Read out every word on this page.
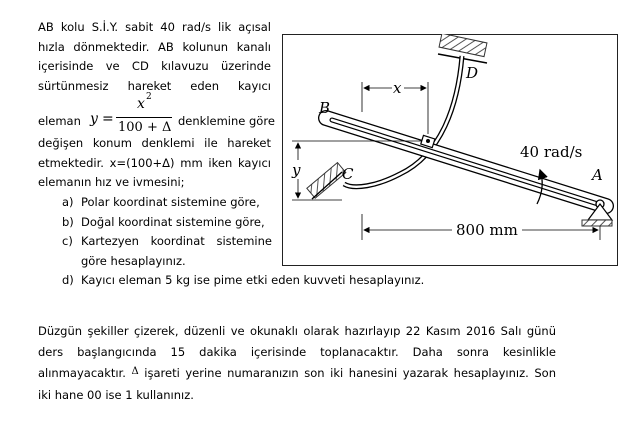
AB kolu S.İ.Y. sabit 40 rad/s lik açısal
hızla dönmektedir. AB kolunun kanalı
içerisinde ve CD kılavuzu üzerinde
sürtünmesiz hareket eden kayıcı
eleman y =
x 2
100 + Δ denklemine göre
değişen konum denklemi ile hareket
etmektedir. x=(100+Δ) mm iken kayıcı
elemanın hız ve ivmesini;
a) Polar koordinat sistemine göre,
b) Doğal koordinat sistemine göre,
c) Kartezyen koordinat sistemine
göre hesaplayınız.
d) Kayıcı eleman 5 kg ise pime etki eden kuvveti hesaplayınız.
B
C
D
A
x
y
40 rad/s
800 mm
Düzgün şekiller çizerek, düzenli ve okunaklı olarak hazırlayıp 22 Kasım 2016 Salı günü
ders başlangıcında 15 dakika içerisinde toplanacaktır. Daha sonra kesinlikle
alınmayacaktır. Δ işareti yerine numaranızın son iki hanesini yazarak hesaplayınız. Son
iki hane 00 ise 1 kullanınız.
